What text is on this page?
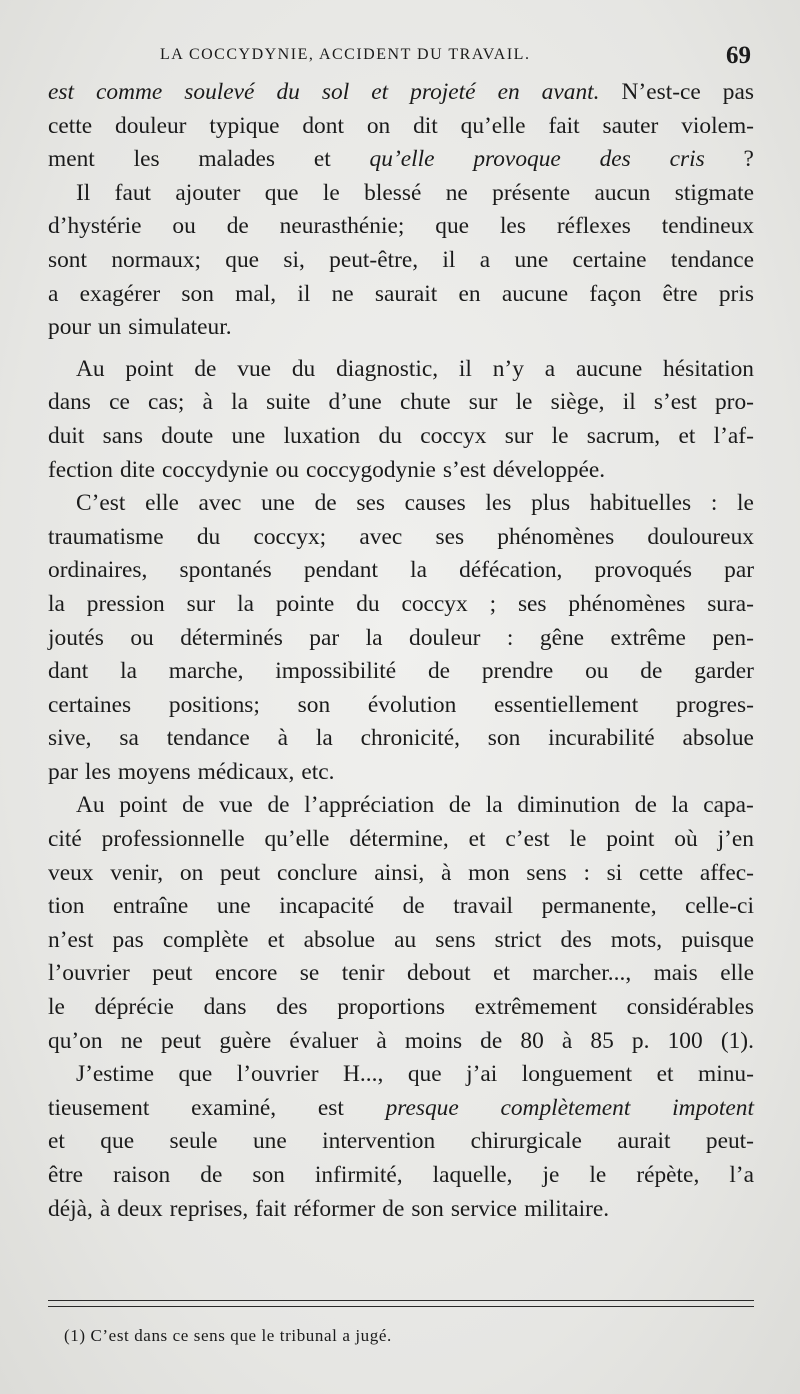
LA COCCYDYNIE, ACCIDENT DU TRAVAIL.	69
est comme soulevé du sol et projeté en avant. N’est-ce pas
cette douleur typique dont on dit qu’elle fait sauter violem-
ment les malades et qu’elle provoque des cris ?
Il faut ajouter que le blessé ne présente aucun stigmate
d’hystérie ou de neurasthénie; que les réflexes tendineux
sont normaux; que si, peut-être, il a une certaine tendance
a exagérer son mal, il ne saurait en aucune façon être pris
pour un simulateur.
Au point de vue du diagnostic, il n’y a aucune hésitation
dans ce cas; à la suite d’une chute sur le siège, il s’est pro-
duit sans doute une luxation du coccyx sur le sacrum, et l’af-
fection dite coccydynie ou coccygodynie s’est développée.
C’est elle avec une de ses causes les plus habituelles : le
traumatisme du coccyx; avec ses phénomènes douloureux
ordinaires, spontanés pendant la défécation, provoqués par
la pression sur la pointe du coccyx ; ses phénomènes sura-
joutés ou déterminés par la douleur : gêne extrême pen-
dant la marche, impossibilité de prendre ou de garder
certaines positions; son évolution essentiellement progres-
sive, sa tendance à la chronicité, son incurabilité absolue
par les moyens médicaux, etc.
Au point de vue de l’appréciation de la diminution de la capa-
cité professionnelle qu’elle détermine, et c’est le point où j’en
veux venir, on peut conclure ainsi, à mon sens : si cette affec-
tion entraîne une incapacité de travail permanente, celle-ci
n’est pas complète et absolue au sens strict des mots, puisque
l’ouvrier peut encore se tenir debout et marcher..., mais elle
le déprécie dans des proportions extrêmement considérables
qu’on ne peut guère évaluer à moins de 80 à 85 p. 100 (1).
J’estime que l’ouvrier H..., que j’ai longuement et minu-
tieusement examiné, est presque complètement impotent
et que seule une intervention chirurgicale aurait peut-
être raison de son infirmité, laquelle, je le répète, l’a
déjà, à deux reprises, fait réformer de son service militaire.
(1) C’est dans ce sens que le tribunal a jugé.
